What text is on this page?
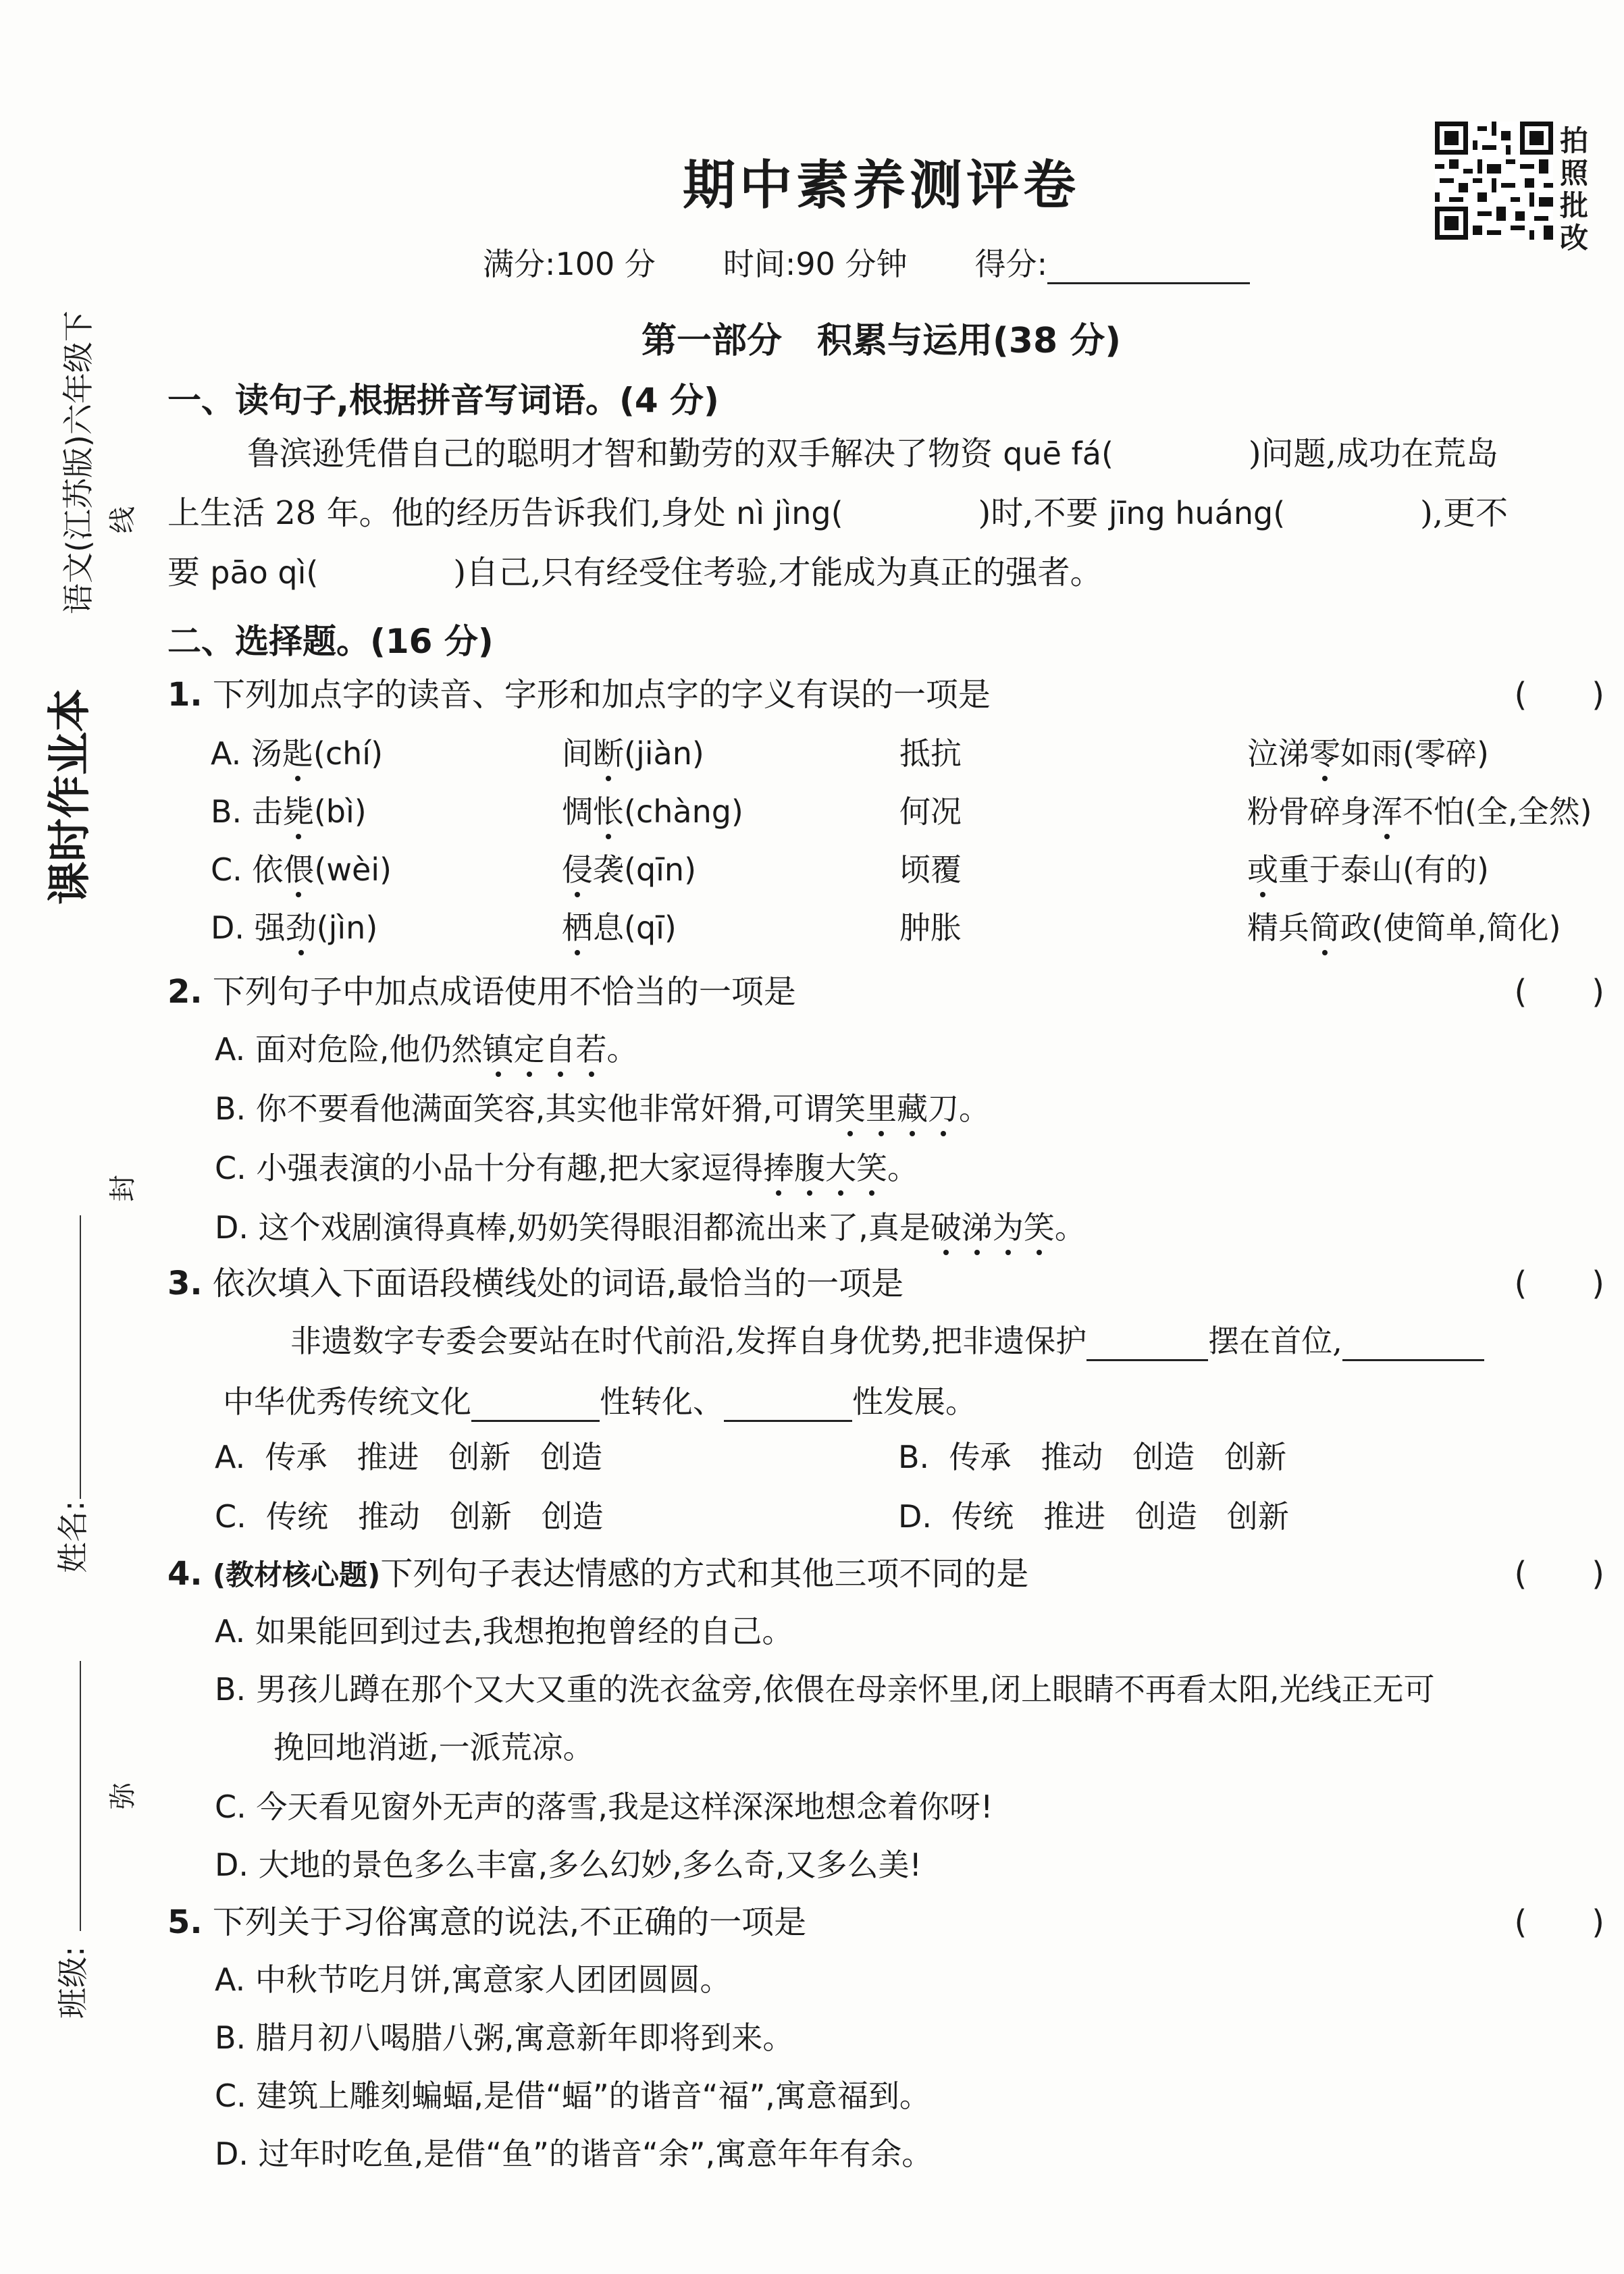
课时作业本
语文(江苏版)六年级下 线
封
弥
姓名:
班级:
期中素养测评卷
满分:100 分 时间:90 分钟 得分:
拍照批改
第一部分　积累与运用(38 分)
一、读句子,根据拼音写词语。(4 分)
鲁滨逊凭借自己的聪明才智和勤劳的双手解决了物资 quē fá(	)问题,成功在荒岛
上生活 28 年。他的经历告诉我们,身处 nì jìng(	)时,不要 jīng huáng(	),更不
要 pāo qì(	)自己,只有经受住考验,才能成为真正的强者。
二、选择题。(16 分)
1. 下列加点字的读音、字形和加点字的字义有误的一项是	(　　)
A. 汤匙(chí)	间断(jiàn)	抵抗	泣涕零如雨(零碎)
B. 击毙(bì)	惆怅(chàng)	何况	粉骨碎身浑不怕(全,全然)
C. 依偎(wèi)	侵袭(qīn)	顷覆	或重于泰山(有的)
D. 强劲(jìn)	栖息(qī)	肿胀	精兵简政(使简单,简化)
2. 下列句子中加点成语使用不恰当的一项是	(　　)
A. 面对危险,他仍然镇定自若。
B. 你不要看他满面笑容,其实他非常奸猾,可谓笑里藏刀。
C. 小强表演的小品十分有趣,把大家逗得捧腹大笑。
D. 这个戏剧演得真棒,奶奶笑得眼泪都流出来了,真是破涕为笑。
3. 依次填入下面语段横线处的词语,最恰当的一项是	(　　)
非遗数字专委会要站在时代前沿,发挥自身优势,把非遗保护	摆在首位,
中华优秀传统文化	性转化、	性发展。
A. 传承 推进 创新 创造	B. 传承 推动 创造 创新
C. 传统 推动 创新 创造	D. 传统 推进 创造 创新
4. (教材核心题)下列句子表达情感的方式和其他三项不同的是	(　　)
A. 如果能回到过去,我想抱抱曾经的自己。
B. 男孩儿蹲在那个又大又重的洗衣盆旁,依偎在母亲怀里,闭上眼睛不再看太阳,光线正无可
挽回地消逝,一派荒凉。
C. 今天看见窗外无声的落雪,我是这样深深地想念着你呀!
D. 大地的景色多么丰富,多么幻妙,多么奇,又多么美!
5. 下列关于习俗寓意的说法,不正确的一项是	(　　)
A. 中秋节吃月饼,寓意家人团团圆圆。
B. 腊月初八喝腊八粥,寓意新年即将到来。
C. 建筑上雕刻蝙蝠,是借“蝠”的谐音“福”,寓意福到。
D. 过年时吃鱼,是借“鱼”的谐音“余”,寓意年年有余。
